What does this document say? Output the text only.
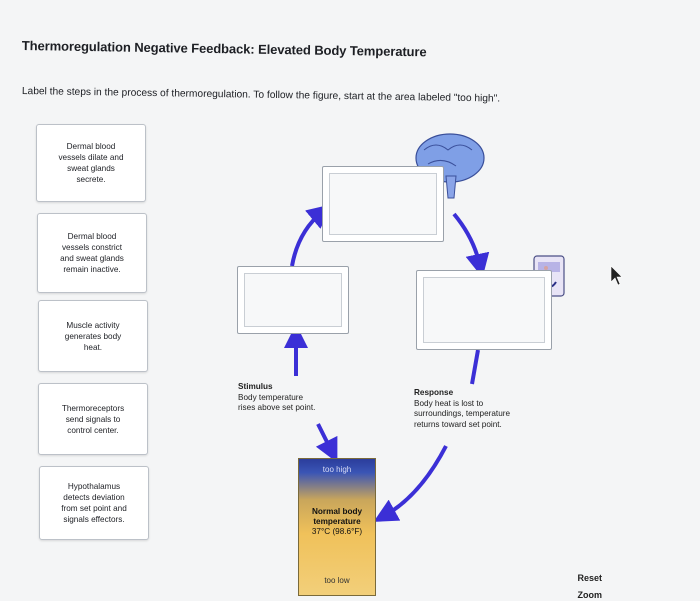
Thermoregulation Negative Feedback: Elevated Body Temperature
Label the steps in the process of thermoregulation. To follow the figure, start at the area labeled "too high".
Dermal blood
vessels dilate and
sweat glands
secrete.
Dermal blood
vessels constrict
and sweat glands
remain inactive.
Muscle activity
generates body
heat.
Thermoreceptors
send signals to
control center.
Hypothalamus
detects deviation
from set point and
signals effectors.
Stimulus
Body temperature
rises above set point.
Response
Body heat is lost to
surroundings, temperature
returns toward set point.
too high
Normal body
temperature
37°C (98.6°F)
too low	Reset
Zoom
